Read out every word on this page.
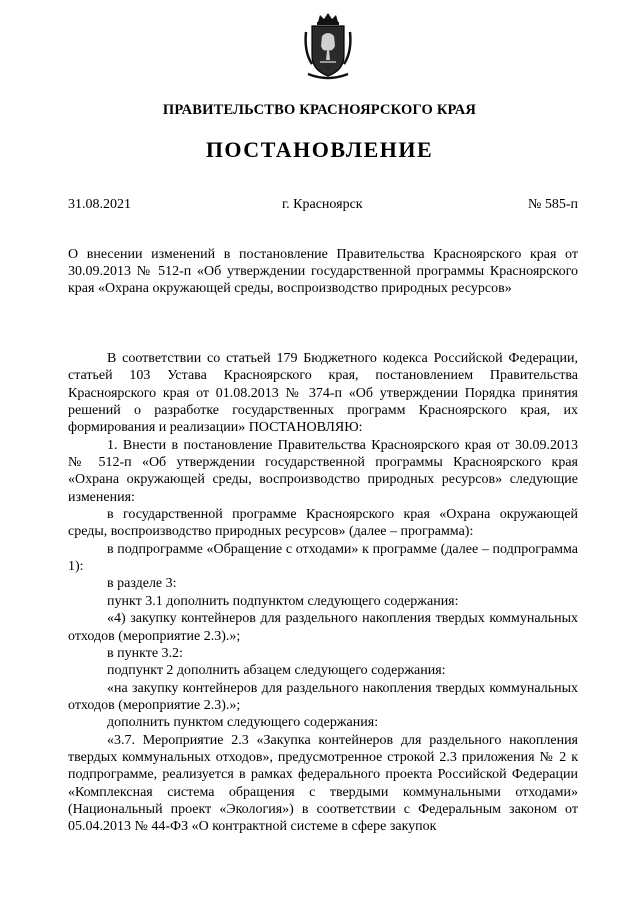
ПРАВИТЕЛЬСТВО КРАСНОЯРСКОГО КРАЯ
ПОСТАНОВЛЕНИЕ
31.08.2021	г. Красноярск	№ 585-п
О внесении изменений в постановление Правительства Красноярского края от 30.09.2013 № 512-п «Об утверждении государственной программы Красноярского края «Охрана окружающей среды, воспроизводство природных ресурсов»

В соответствии со статьей 179 Бюджетного кодекса Российской Федерации, статьей 103 Устава Красноярского края, постановлением Правительства Красноярского края от 01.08.2013 № 374-п «Об утверждении Порядка принятия решений о разработке государственных программ Красноярского края, их формирования и реализации» ПОСТАНОВЛЯЮ:

1. Внести в постановление Правительства Красноярского края от 30.09.2013 № 512-п «Об утверждении государственной программы Красноярского края «Охрана окружающей среды, воспроизводство природных ресурсов» следующие изменения:

в государственной программе Красноярского края «Охрана окружающей среды, воспроизводство природных ресурсов» (далее – программа):

в подпрограмме «Обращение с отходами» к программе (далее – подпрограмма 1):

в разделе 3:

пункт 3.1 дополнить подпунктом следующего содержания:

«4) закупку контейнеров для раздельного накопления твердых коммунальных отходов (мероприятие 2.3).»;

в пункте 3.2:

подпункт 2 дополнить абзацем следующего содержания:

«на закупку контейнеров для раздельного накопления твердых коммунальных отходов (мероприятие 2.3).»;

дополнить пунктом следующего содержания:

«3.7. Мероприятие 2.3 «Закупка контейнеров для раздельного накопления твердых коммунальных отходов», предусмотренное строкой 2.3 приложения № 2 к подпрограмме, реализуется в рамках федерального проекта Российской Федерации «Комплексная система обращения с твердыми коммунальными отходами» (Национальный проект «Экология») в соответствии с Федеральным законом от 05.04.2013 № 44-ФЗ «О контрактной системе в сфере закупок
